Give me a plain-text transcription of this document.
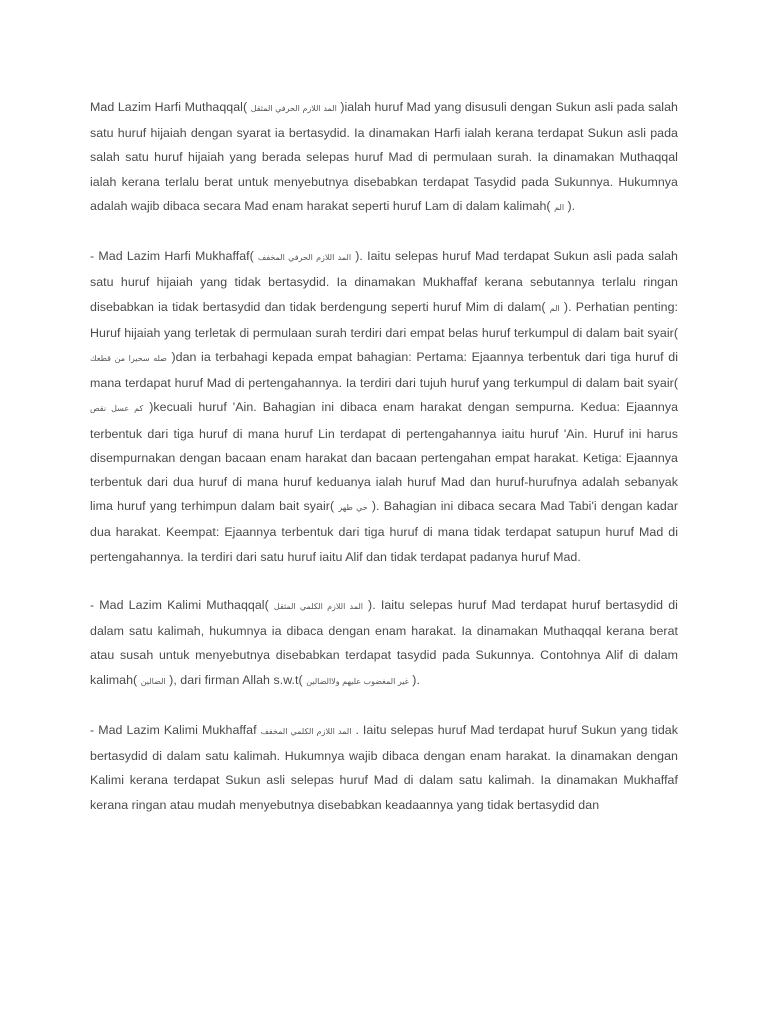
Mad Lazim Harfi Muthaqqal( المد اللازم الحرفي المثقل )ialah huruf Mad yang disusuli dengan Sukun asli pada salah satu huruf hijaiah dengan syarat ia bertasydid. Ia dinamakan Harfi ialah kerana terdapat Sukun asli pada salah satu huruf hijaiah yang berada selepas huruf Mad di permulaan surah. Ia dinamakan Muthaqqal ialah kerana terlalu berat untuk menyebutnya disebabkan terdapat Tasydid pada Sukunnya. Hukumnya adalah wajib dibaca secara Mad enam harakat seperti huruf Lam di dalam kalimah( الم ).

- Mad Lazim Harfi Mukhaffaf( المد اللازم الحرفي المخفف ). Iaitu selepas huruf Mad terdapat Sukun asli pada salah satu huruf hijaiah yang tidak bertasydid. Ia dinamakan Mukhaffaf kerana sebutannya terlalu ringan disebabkan ia tidak bertasydid dan tidak berdengung seperti huruf Mim di dalam( الم ). Perhatian penting: Huruf hijaiah yang terletak di permulaan surah terdiri dari empat belas huruf terkumpul di dalam bait syair( صله سحيرا من قطعك )dan ia terbahagi kepada empat bahagian: Pertama: Ejaannya terbentuk dari tiga huruf di mana terdapat huruf Mad di pertengahannya. Ia terdiri dari tujuh huruf yang terkumpul di dalam bait syair( كم عسل نقص )kecuali huruf 'Ain. Bahagian ini dibaca enam harakat dengan sempurna. Kedua: Ejaannya terbentuk dari tiga huruf di mana huruf Lin terdapat di pertengahannya iaitu huruf 'Ain. Huruf ini harus disempurnakan dengan bacaan enam harakat dan bacaan pertengahan empat harakat. Ketiga: Ejaannya terbentuk dari dua huruf di mana huruf keduanya ialah huruf Mad dan huruf-hurufnya adalah sebanyak lima huruf yang terhimpun dalam bait syair( حي طهر ). Bahagian ini dibaca secara Mad Tabi'i dengan kadar dua harakat. Keempat: Ejaannya terbentuk dari tiga huruf di mana tidak terdapat satupun huruf Mad di pertengahannya. Ia terdiri dari satu huruf iaitu Alif dan tidak terdapat padanya huruf Mad.

- Mad Lazim Kalimi Muthaqqal( المد اللازم الكلمي المثقل ). Iaitu selepas huruf Mad terdapat huruf bertasydid di dalam satu kalimah, hukumnya ia dibaca dengan enam harakat. Ia dinamakan Muthaqqal kerana berat atau susah untuk menyebutnya disebabkan terdapat tasydid pada Sukunnya. Contohnya Alif di dalam kalimah( الضالين ), dari firman Allah s.w.t( غير المغضوب عليهم ولاالضالين ).

- Mad Lazim Kalimi Mukhaffaf المد اللازم الكلمي المخفف . Iaitu selepas huruf Mad terdapat huruf Sukun yang tidak bertasydid di dalam satu kalimah. Hukumnya wajib dibaca dengan enam harakat. Ia dinamakan dengan Kalimi kerana terdapat Sukun asli selepas huruf Mad di dalam satu kalimah. Ia dinamakan Mukhaffaf kerana ringan atau mudah menyebutnya disebabkan keadaannya yang tidak bertasydid dan
